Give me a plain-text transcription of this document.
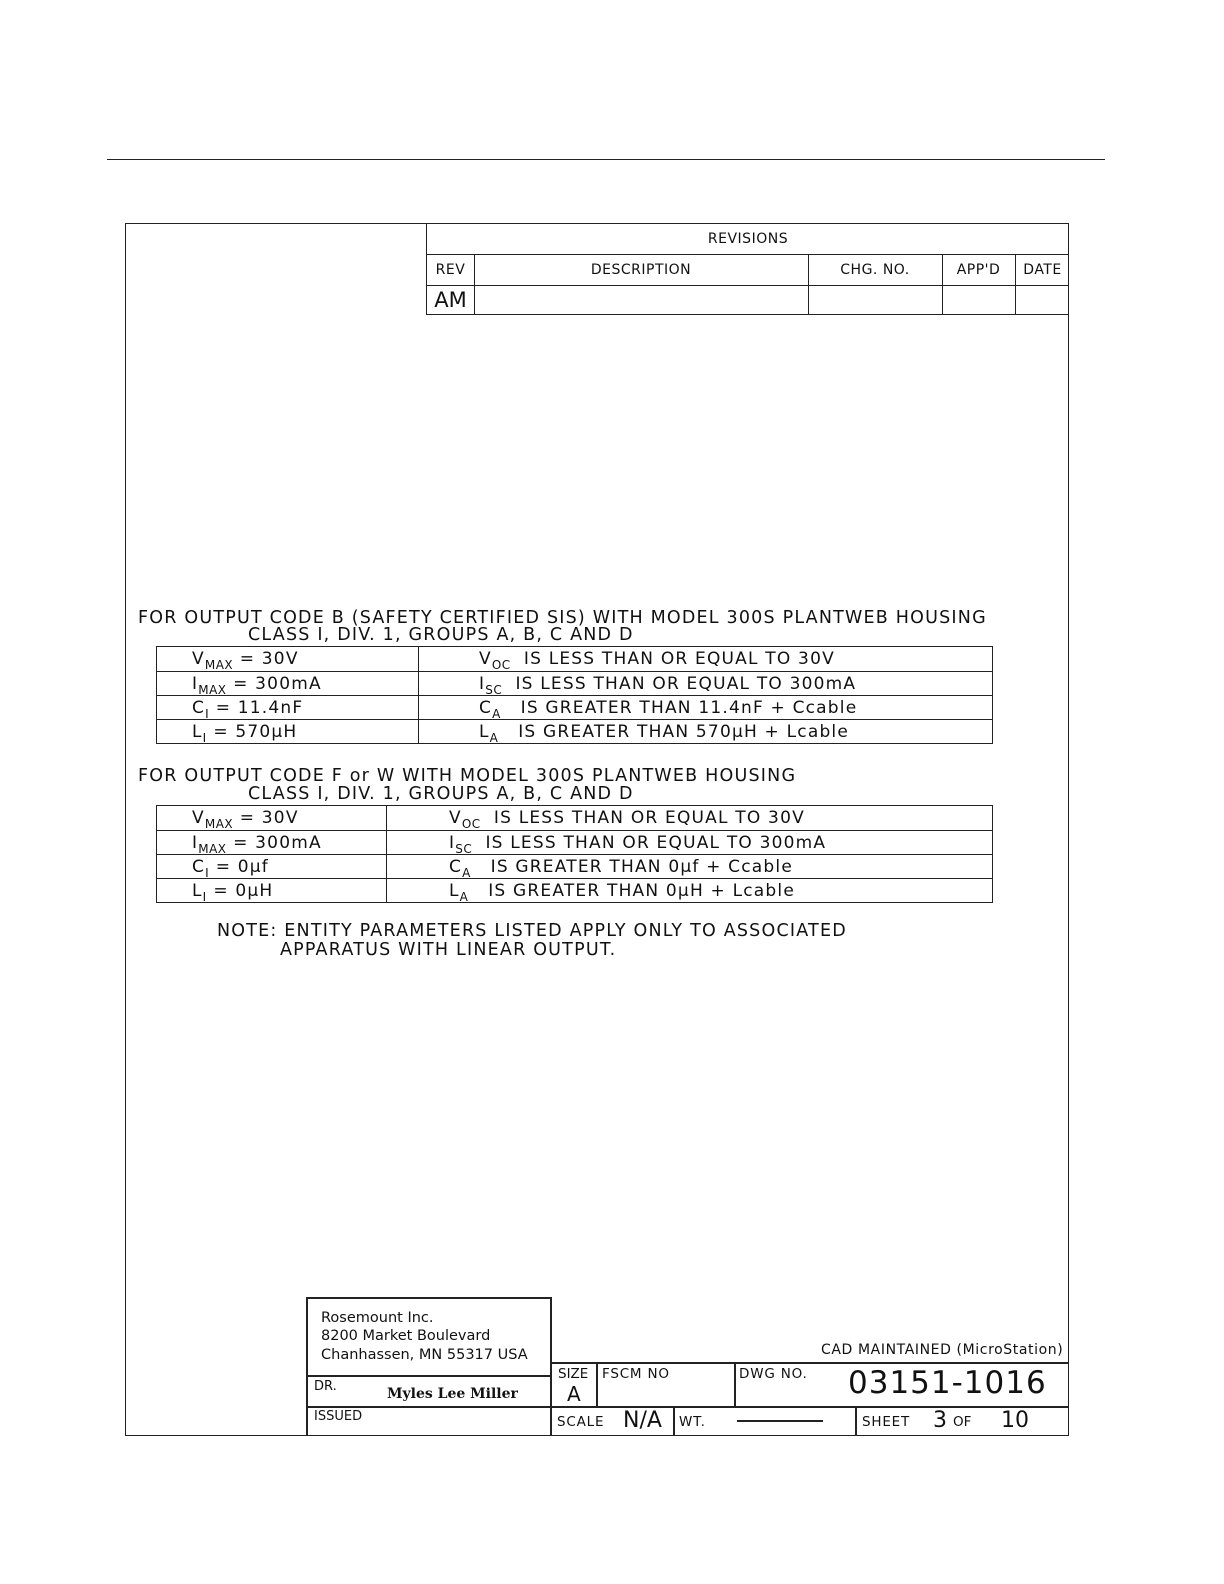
REVISIONS
REV	DESCRIPTION	CHG. NO.	APP'D	DATE
AM
FOR OUTPUT CODE B (SAFETY CERTIFIED SIS) WITH MODEL 300S PLANTWEB HOUSING
CLASS I, DIV. 1, GROUPS A, B, C AND D
$V_{MAX} = 30V$	$V_{OC}$ IS LESS THAN OR EQUAL TO 30V
$I_{MAX} = 300mA$	$I_{SC}$ IS LESS THAN OR EQUAL TO 300mA
$C_I = 11.4nF$	$C_A$ IS GREATER THAN 11.4nF + Ccable
$L_I = 570\mu H$	$L_A$ IS GREATER THAN 570μH + Lcable
FOR OUTPUT CODE F or W WITH MODEL 300S PLANTWEB HOUSING
CLASS I, DIV. 1, GROUPS A, B, C AND D
$V_{MAX} = 30V$	$V_{OC}$ IS LESS THAN OR EQUAL TO 30V
$I_{MAX} = 300mA$	$I_{SC}$ IS LESS THAN OR EQUAL TO 300mA
$C_I = 0\mu f$	$C_A$ IS GREATER THAN 0μf + Ccable
$L_I = 0\mu H$	$L_A$ IS GREATER THAN 0μH + Lcable
NOTE: ENTITY PARAMETERS LISTED APPLY ONLY TO ASSOCIATED
APPARATUS WITH LINEAR OUTPUT.
Rosemount Inc.
8200 Market Boulevard
Chanhassen, MN 55317 USA	CAD MAINTAINED (MicroStation)
DR.	Myles Lee Miller
ISSUED
SIZE
A
FSCM NO	DWG NO. 03151-1016
SCALE N/A WT.	SHEET 3 OF 10
